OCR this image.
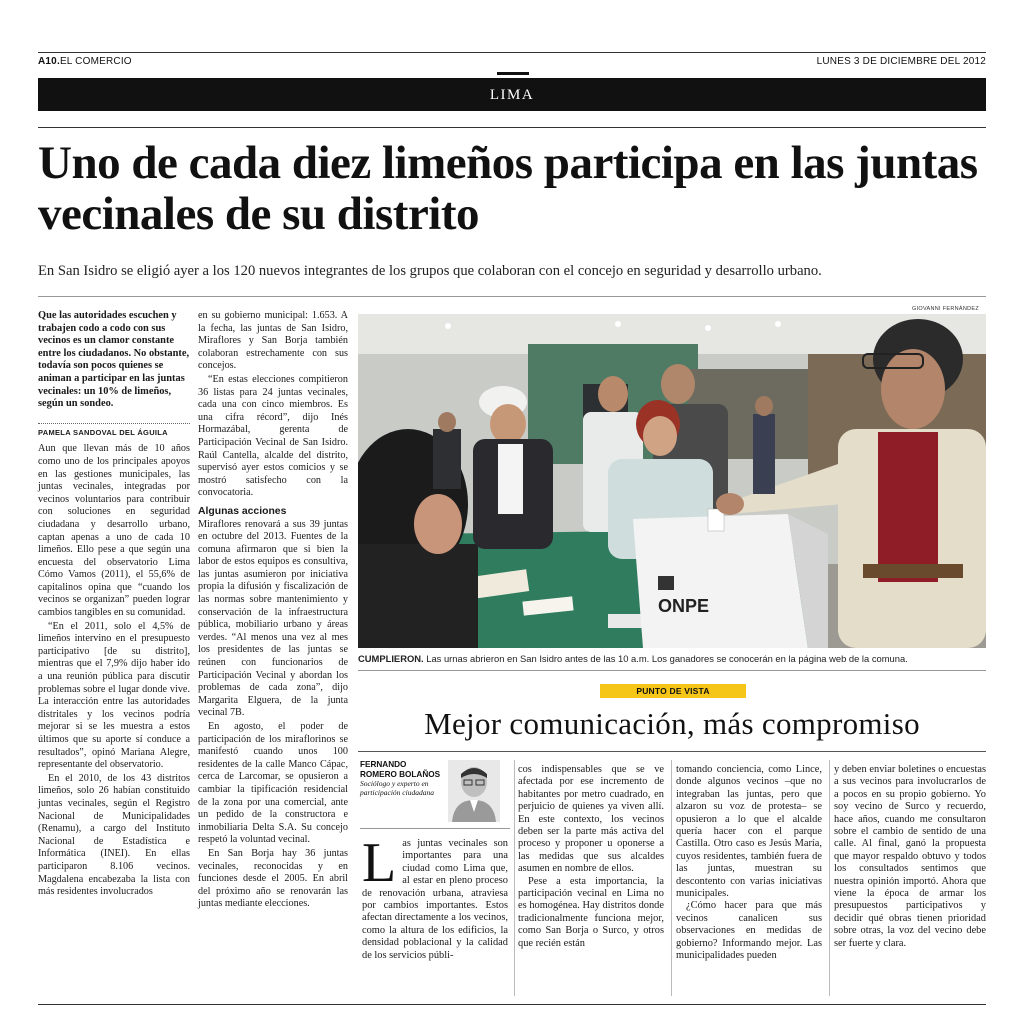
A10.EL COMERCIO	LUNES 3 DE DICIEMBRE DEL 2012
LIMA
Uno de cada diez limeños participa en las juntas vecinales de su distrito
En San Isidro se eligió ayer a los 120 nuevos integrantes de los grupos que colaboran con el concejo en seguridad y desarrollo urbano.
Que las autoridades escuchen y trabajen codo a codo con sus vecinos es un clamor constante entre los ciudadanos. No obstante, todavía son pocos quienes se animan a participar en las juntas vecinales: un 10% de limeños, según un sondeo.
PAMELA SANDOVAL DEL ÁGUILA

Aun que llevan más de 10 años como uno de los principales apoyos en las gestiones municipales, las juntas vecinales, integradas por vecinos voluntarios para contribuir con soluciones en seguridad ciudadana y desarrollo urbano, captan apenas a uno de cada 10 limeños. Ello pese a que según una encuesta del observatorio Lima Cómo Vamos (2011), el 55,6% de capitalinos opina que “cuando los vecinos se organizan” pueden lograr cambios tangibles en su comunidad.

“En el 2011, solo el 4,5% de limeños intervino en el presupuesto participativo [de su distrito], mientras que el 7,9% dijo haber ido a una reunión pública para discutir problemas sobre el lugar donde vive. La interacción entre las autoridades distritales y los vecinos podría mejorar si se les muestra a estos últimos que su aporte sí conduce a resultados”, opinó Mariana Alegre, representante del observatorio.

En el 2010, de los 43 distritos limeños, solo 26 habían constituido juntas vecinales, según el Registro Nacional de Municipalidades (Renamu), a cargo del Instituto Nacional de Estadística e Informática (INEI). En ellas participaron 8.106 vecinos. Magdalena encabezaba la lista con más residentes involucrados

en su gobierno municipal: 1.653. A la fecha, las juntas de San Isidro, Miraflores y San Borja también colaboran estrechamente con sus concejos.

“En estas elecciones compitieron 36 listas para 24 juntas vecinales, cada una con cinco miembros. Es una cifra récord”, dijo Inés Hormazábal, gerenta de Participación Vecinal de San Isidro. Raúl Cantella, alcalde del distrito, supervisó ayer estos comicios y se mostró satisfecho con la convocatoria.

Algunas acciones

Miraflores renovará a sus 39 juntas en octubre del 2013. Fuentes de la comuna afirmaron que si bien la labor de estos equipos es consultiva, las juntas asumieron por iniciativa propia la difusión y fiscalización de las normas sobre mantenimiento y conservación de la infraestructura pública, mobiliario urbano y áreas verdes. “Al menos una vez al mes los presidentes de las juntas se reúnen con funcionarios de Participación Vecinal y abordan los problemas de cada zona”, dijo Margarita Elguera, de la junta vecinal 7B.

En agosto, el poder de participación de los miraflorinos se manifestó cuando unos 100 residentes de la calle Manco Cápac, cerca de Larcomar, se opusieron a cambiar la tipificación residencial de la zona por una comercial, ante un pedido de la constructora e inmobiliaria Delta S.A. Su concejo respetó la voluntad vecinal.

En San Borja hay 36 juntas vecinales, reconocidas y en funciones desde el 2005. En abril del próximo año se renovarán las juntas mediante elecciones.

GIOVANNI FERNÁNDEZ
ONPE
CUMPLIERON. Las urnas abrieron en San Isidro antes de las 10 a.m. Los ganadores se conocerán en la página web de la comuna.
PUNTO DE VISTA
Mejor comunicación, más compromiso
FERNANDO ROMERO BOLAÑOS
Sociólogo y experto en participación ciudadana

Las juntas vecinales son importantes para una ciudad como Lima que, al estar en pleno proceso de renovación urbana, atraviesa por cambios importantes. Estos afectan directamente a los vecinos, como la altura de los edificios, la densidad poblacional y la calidad de los servicios públi-

cos indispensables que se ve afectada por ese incremento de habitantes por metro cuadrado, en perjuicio de quienes ya viven allí. En este contexto, los vecinos deben ser la parte más activa del proceso y proponer u oponerse a las medidas que sus alcaldes asumen en nombre de ellos.

Pese a esta importancia, la participación vecinal en Lima no es homogénea. Hay distritos donde tradicionalmente funciona mejor, como San Borja o Surco, y otros que recién están

tomando conciencia, como Lince, donde algunos vecinos –que no integraban las juntas, pero que alzaron su voz de protesta– se opusieron a lo que el alcalde quería hacer con el parque Castilla. Otro caso es Jesús María, cuyos residentes, también fuera de las juntas, muestran su descontento con varias iniciativas municipales.

¿Cómo hacer para que más vecinos canalicen sus observaciones en medidas de gobierno? Informando mejor. Las municipalidades pueden

y deben enviar boletines o encuestas a sus vecinos para involucrarlos de a pocos en su propio gobierno. Yo soy vecino de Surco y recuerdo, hace años, cuando me consultaron sobre el cambio de sentido de una calle. Al final, ganó la propuesta que mayor respaldo obtuvo y todos los consultados sentimos que nuestra opinión importó. Ahora que viene la época de armar los presupuestos participativos y decidir qué obras tienen prioridad sobre otras, la voz del vecino debe ser fuerte y clara.
